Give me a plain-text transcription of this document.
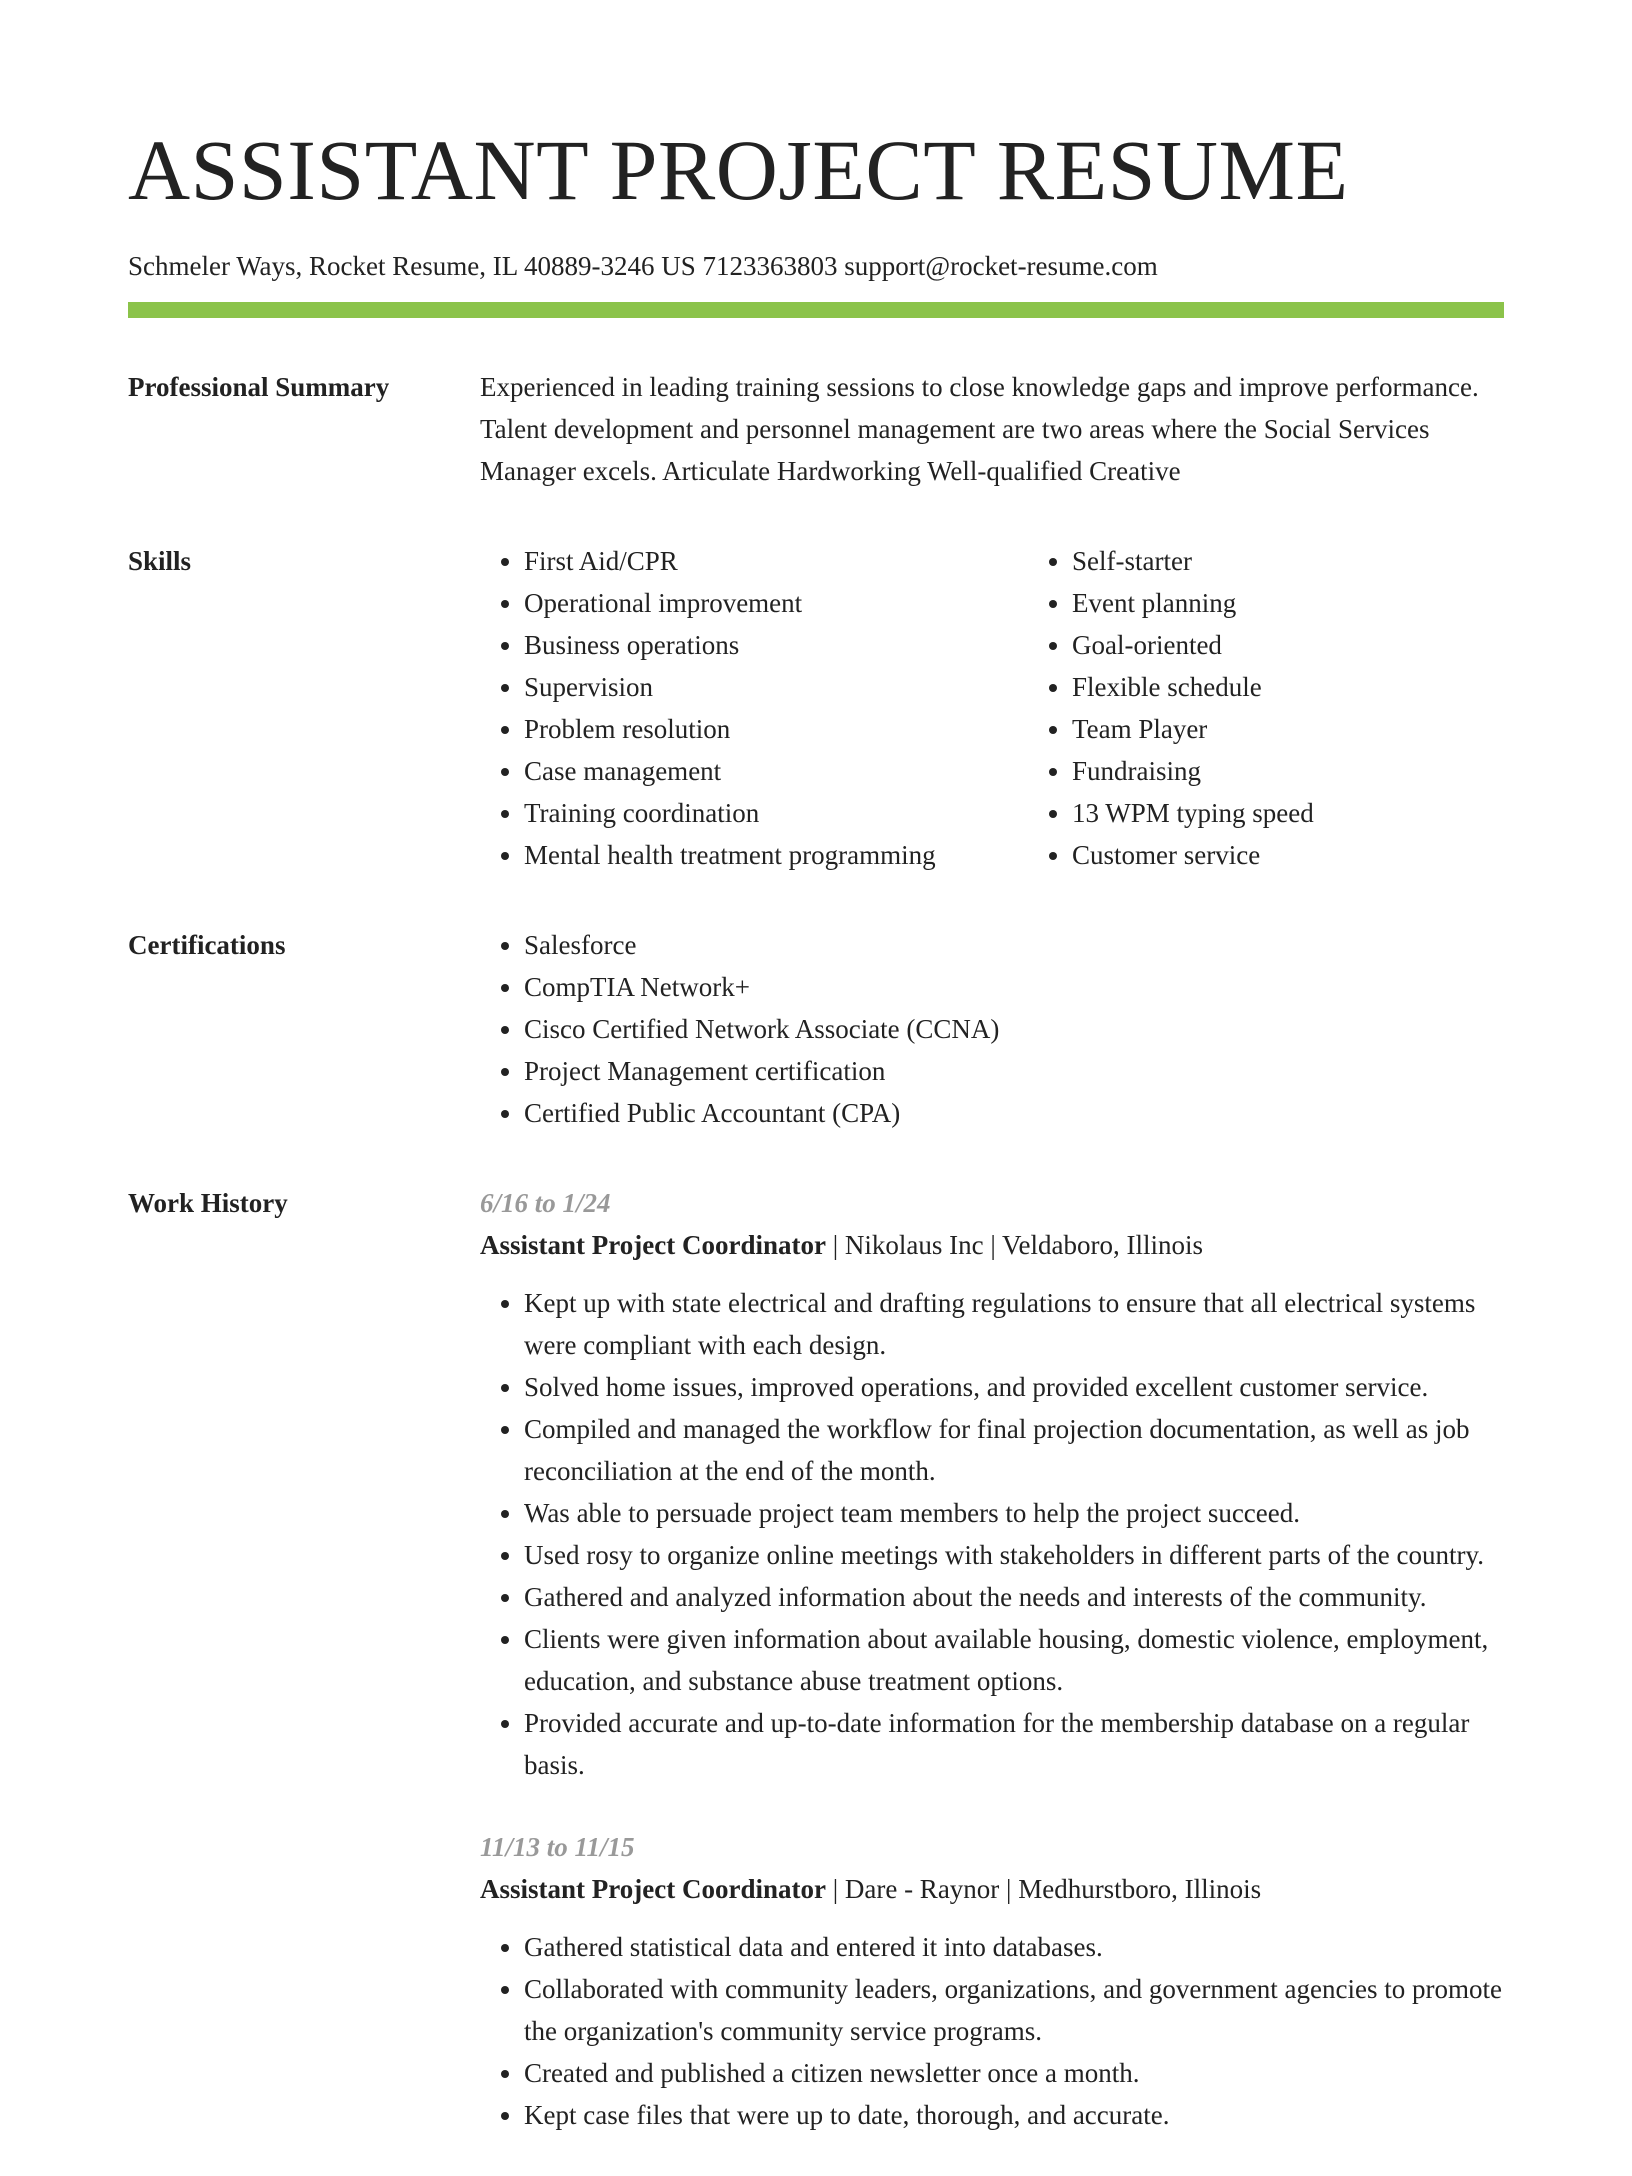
ASSISTANT PROJECT RESUME
Schmeler Ways, Rocket Resume, IL 40889-3246 US 7123363803 support@rocket-resume.com
Professional Summary	Experienced in leading training sessions to close knowledge gaps and improve performance. Talent development and personnel management are two areas where the Social Services Manager excels. Articulate Hardworking Well-qualified Creative
Skills	• First Aid/CPR
• Operational improvement
• Business operations
• Supervision
• Problem resolution
• Case management
• Training coordination
• Mental health treatment programming
• Self-starter
• Event planning
• Goal-oriented
• Flexible schedule
• Team Player
• Fundraising
• 13 WPM typing speed
• Customer service
Certifications	• Salesforce
• CompTIA Network+
• Cisco Certified Network Associate (CCNA)
• Project Management certification
• Certified Public Accountant (CPA)
Work History	6/16 to 1/24
Assistant Project Coordinator | Nikolaus Inc | Veldaboro, Illinois
• Kept up with state electrical and drafting regulations to ensure that all electrical systems were compliant with each design.
• Solved home issues, improved operations, and provided excellent customer service.
• Compiled and managed the workflow for final projection documentation, as well as job reconciliation at the end of the month.
• Was able to persuade project team members to help the project succeed.
• Used rosy to organize online meetings with stakeholders in different parts of the country.
• Gathered and analyzed information about the needs and interests of the community.
• Clients were given information about available housing, domestic violence, employment, education, and substance abuse treatment options.
• Provided accurate and up-to-date information for the membership database on a regular basis.
11/13 to 11/15
Assistant Project Coordinator | Dare - Raynor | Medhurstboro, Illinois
• Gathered statistical data and entered it into databases.
• Collaborated with community leaders, organizations, and government agencies to promote the organization's community service programs.
• Created and published a citizen newsletter once a month.
• Kept case files that were up to date, thorough, and accurate.
